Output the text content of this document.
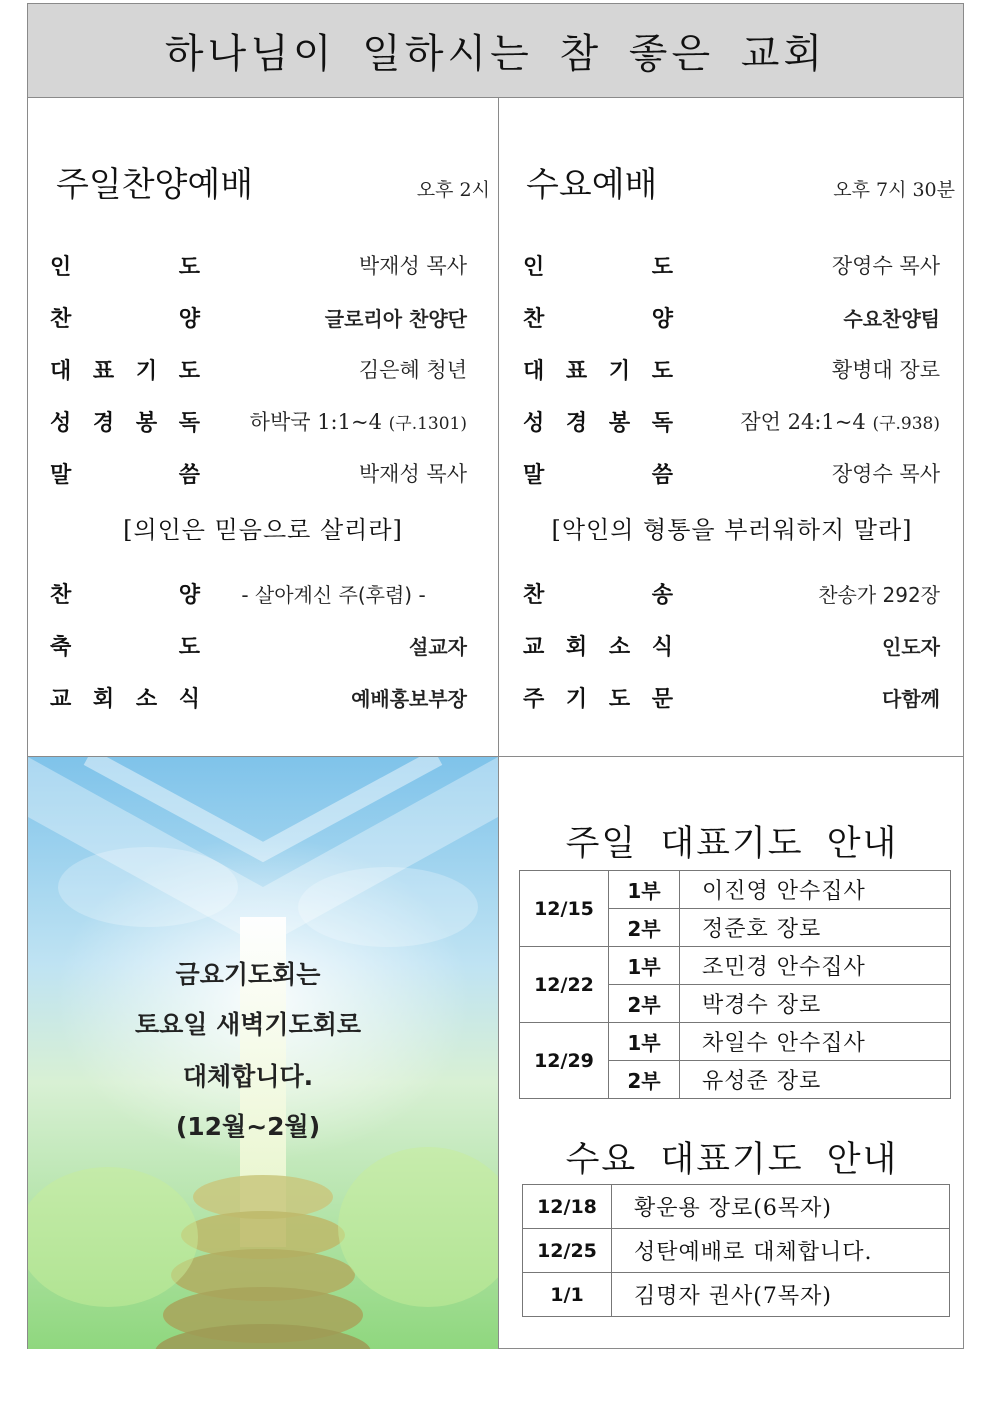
하나님이 일하시는 참 좋은 교회
주일찬양예배	오후 2시
인	도	박재성 목사
찬	양	글로리아 찬양단
대 표 기 도	김은혜 청년
성 경 봉 독	하박국 1:1~4 (구.1301)
말	씀	박재성 목사
[의인은 믿음으로 살리라]
찬	양	- 살아계신 주(후렴) -
축	도	설교자
교 회 소 식	예배홍보부장
수요예배	오후 7시 30분
인	도	장영수 목사
찬	양	수요찬양팀
대 표 기 도	황병대 장로
성 경 봉 독	잠언 24:1~4 (구.938)
말	씀	장영수 목사
[악인의 형통을 부러워하지 말라]
찬	송	찬송가 292장
교 회 소 식	인도자
주 기 도 문	다함께
금요기도회는
토요일 새벽기도회로
대체합니다.
(12월~2월)
주일 대표기도 안내
12/15	1부	이진영 안수집사
	2부	정준호 장로
12/22	1부	조민경 안수집사
	2부	박경수 장로
12/29	1부	차일수 안수집사
	2부	유성준 장로
수요 대표기도 안내
12/18	황운용 장로(6목자)
12/25	성탄예배로 대체합니다.
1/1	김명자 권사(7목자)
